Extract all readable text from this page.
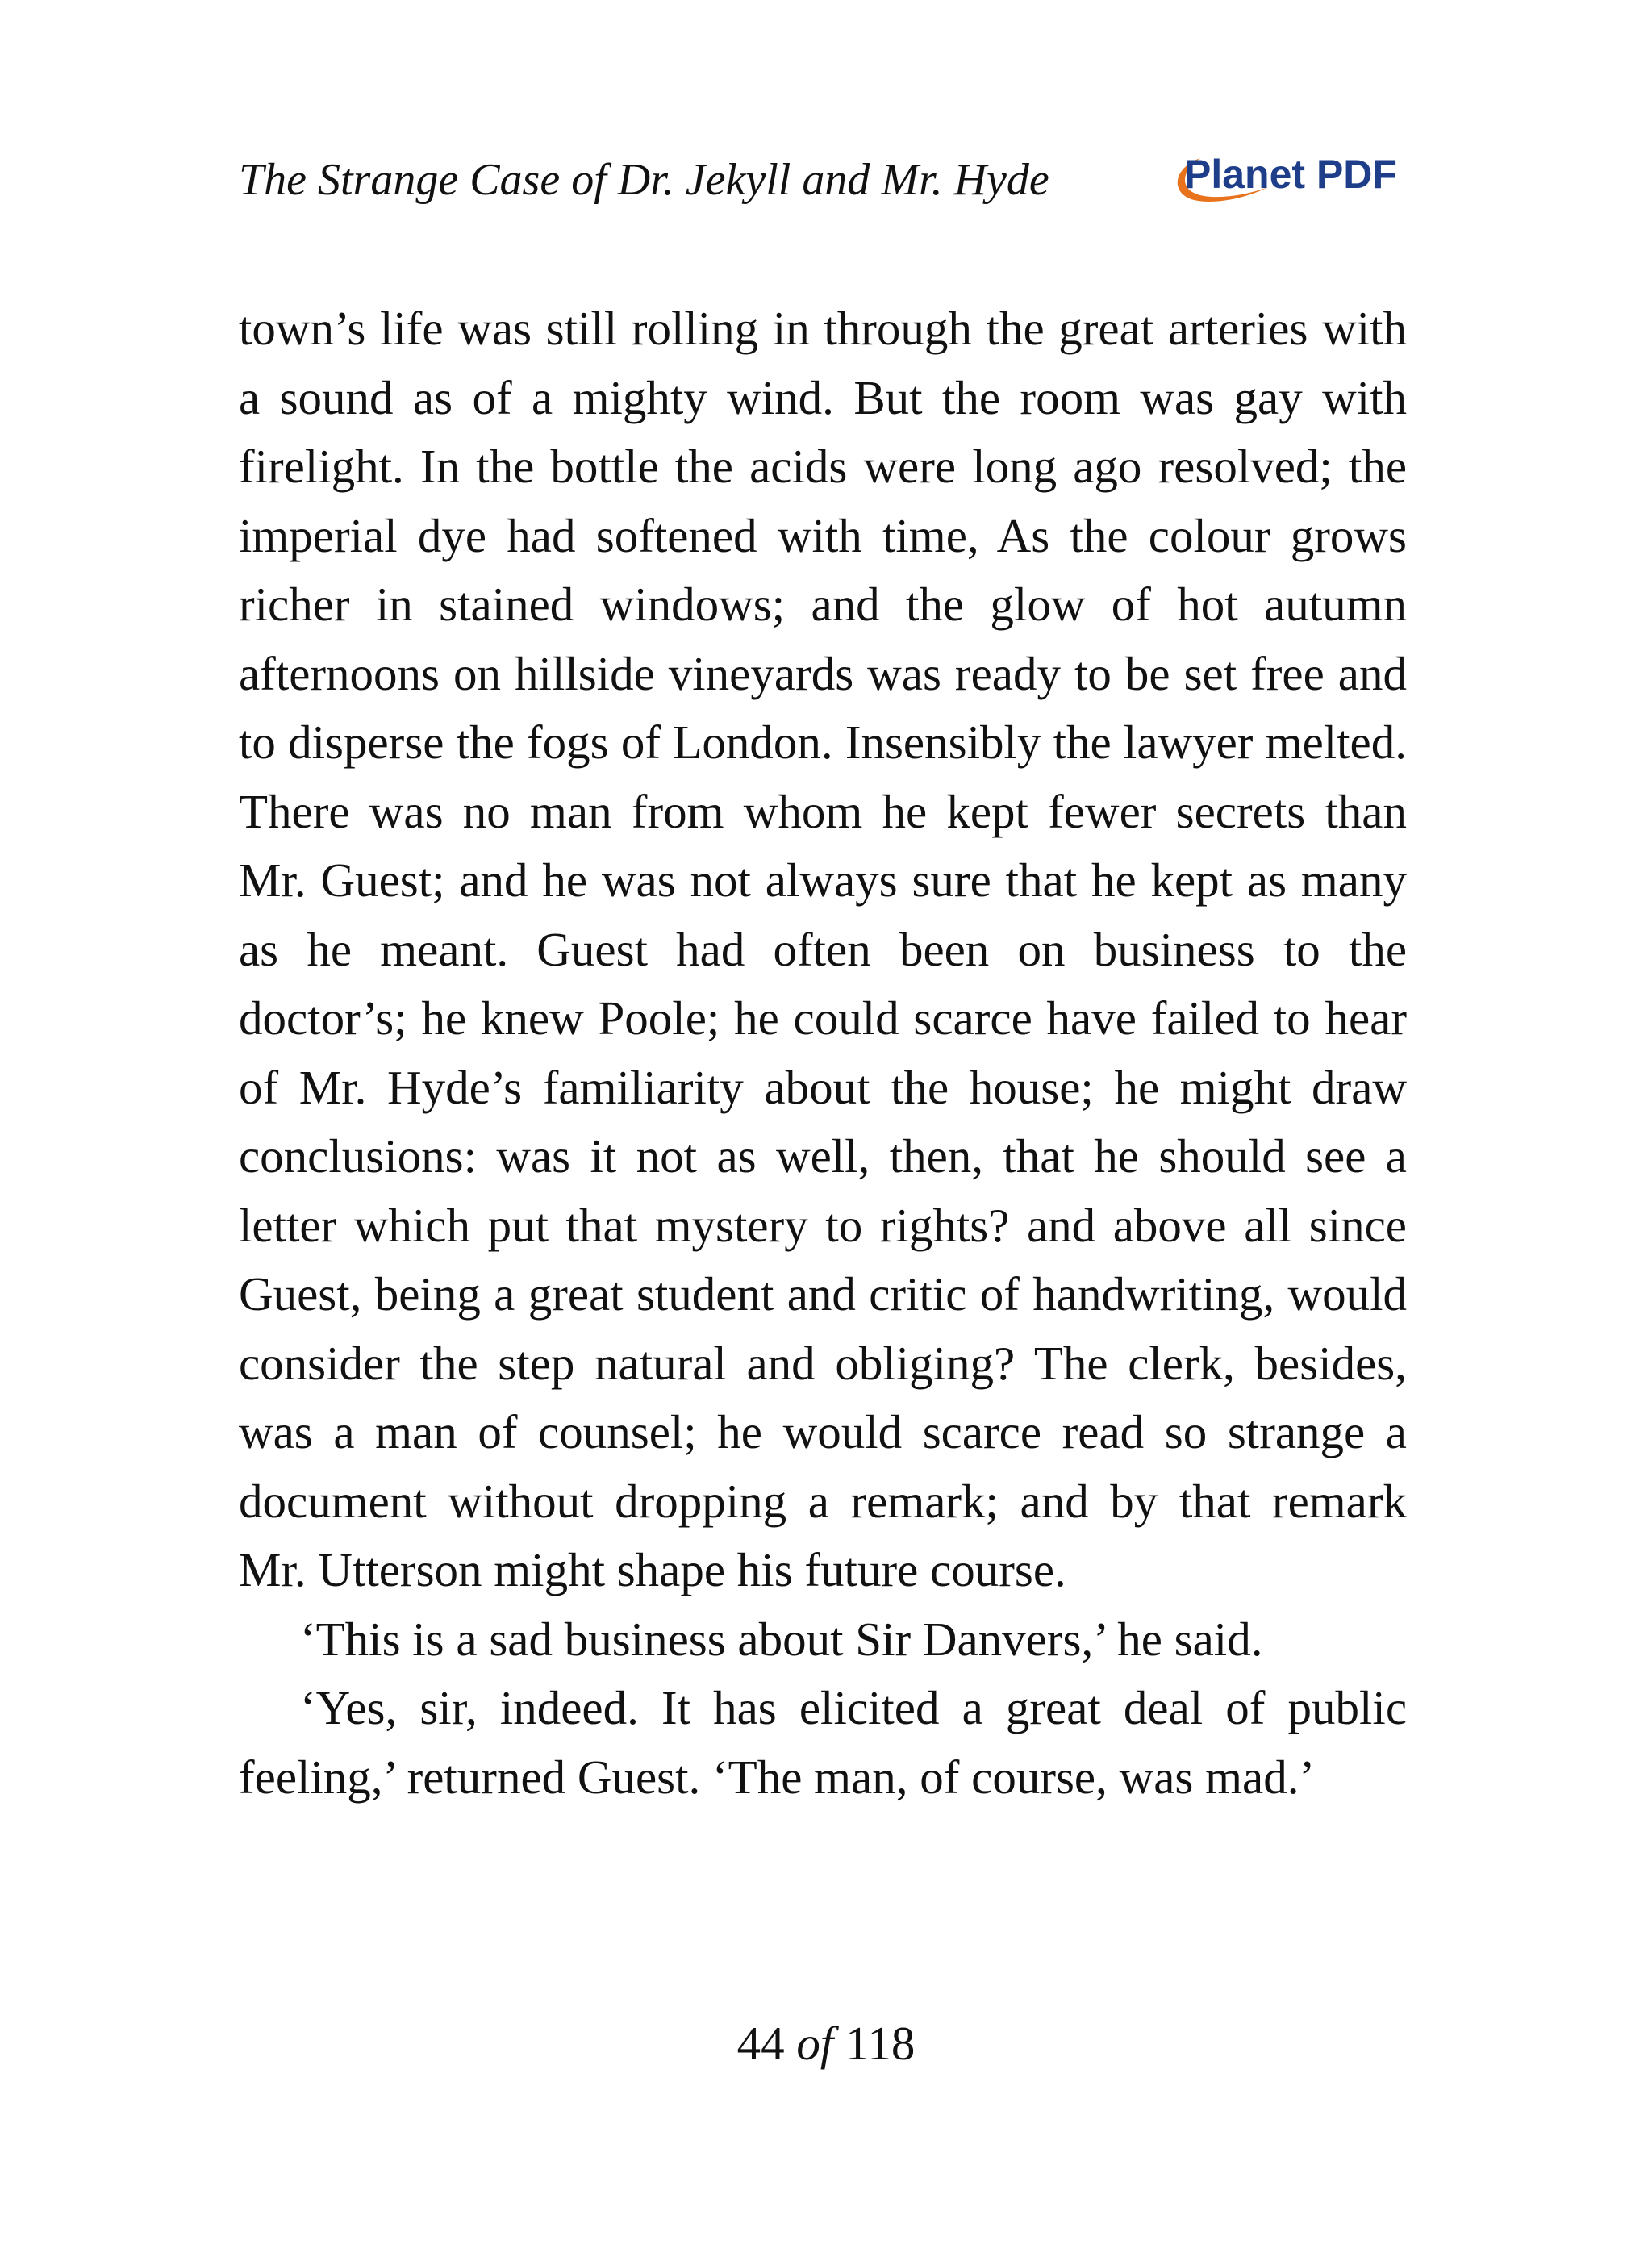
The Strange Case of Dr. Jekyll and Mr. Hyde	Planet PDF

town’s life was still rolling in through the great arteries with a sound as of a mighty wind. But the room was gay with firelight. In the bottle the acids were long ago resolved; the imperial dye had softened with time, As the colour grows richer in stained windows; and the glow of hot autumn afternoons on hillside vineyards was ready to be set free and to disperse the fogs of London. Insensibly the lawyer melted. There was no man from whom he kept fewer secrets than Mr. Guest; and he was not always sure that he kept as many as he meant. Guest had often been on business to the doctor’s; he knew Poole; he could scarce have failed to hear of Mr. Hyde’s familiarity about the house; he might draw conclusions: was it not as well, then, that he should see a letter which put that mystery to rights? and above all since Guest, being a great student and critic of handwriting, would consider the step natural and obliging? The clerk, besides, was a man of counsel; he would scarce read so strange a document without dropping a remark; and by that remark Mr. Utterson might shape his future course.

‘This is a sad business about Sir Danvers,’ he said.

‘Yes, sir, indeed. It has elicited a great deal of public feeling,’ returned Guest. ‘The man, of course, was mad.’

44 of 118
